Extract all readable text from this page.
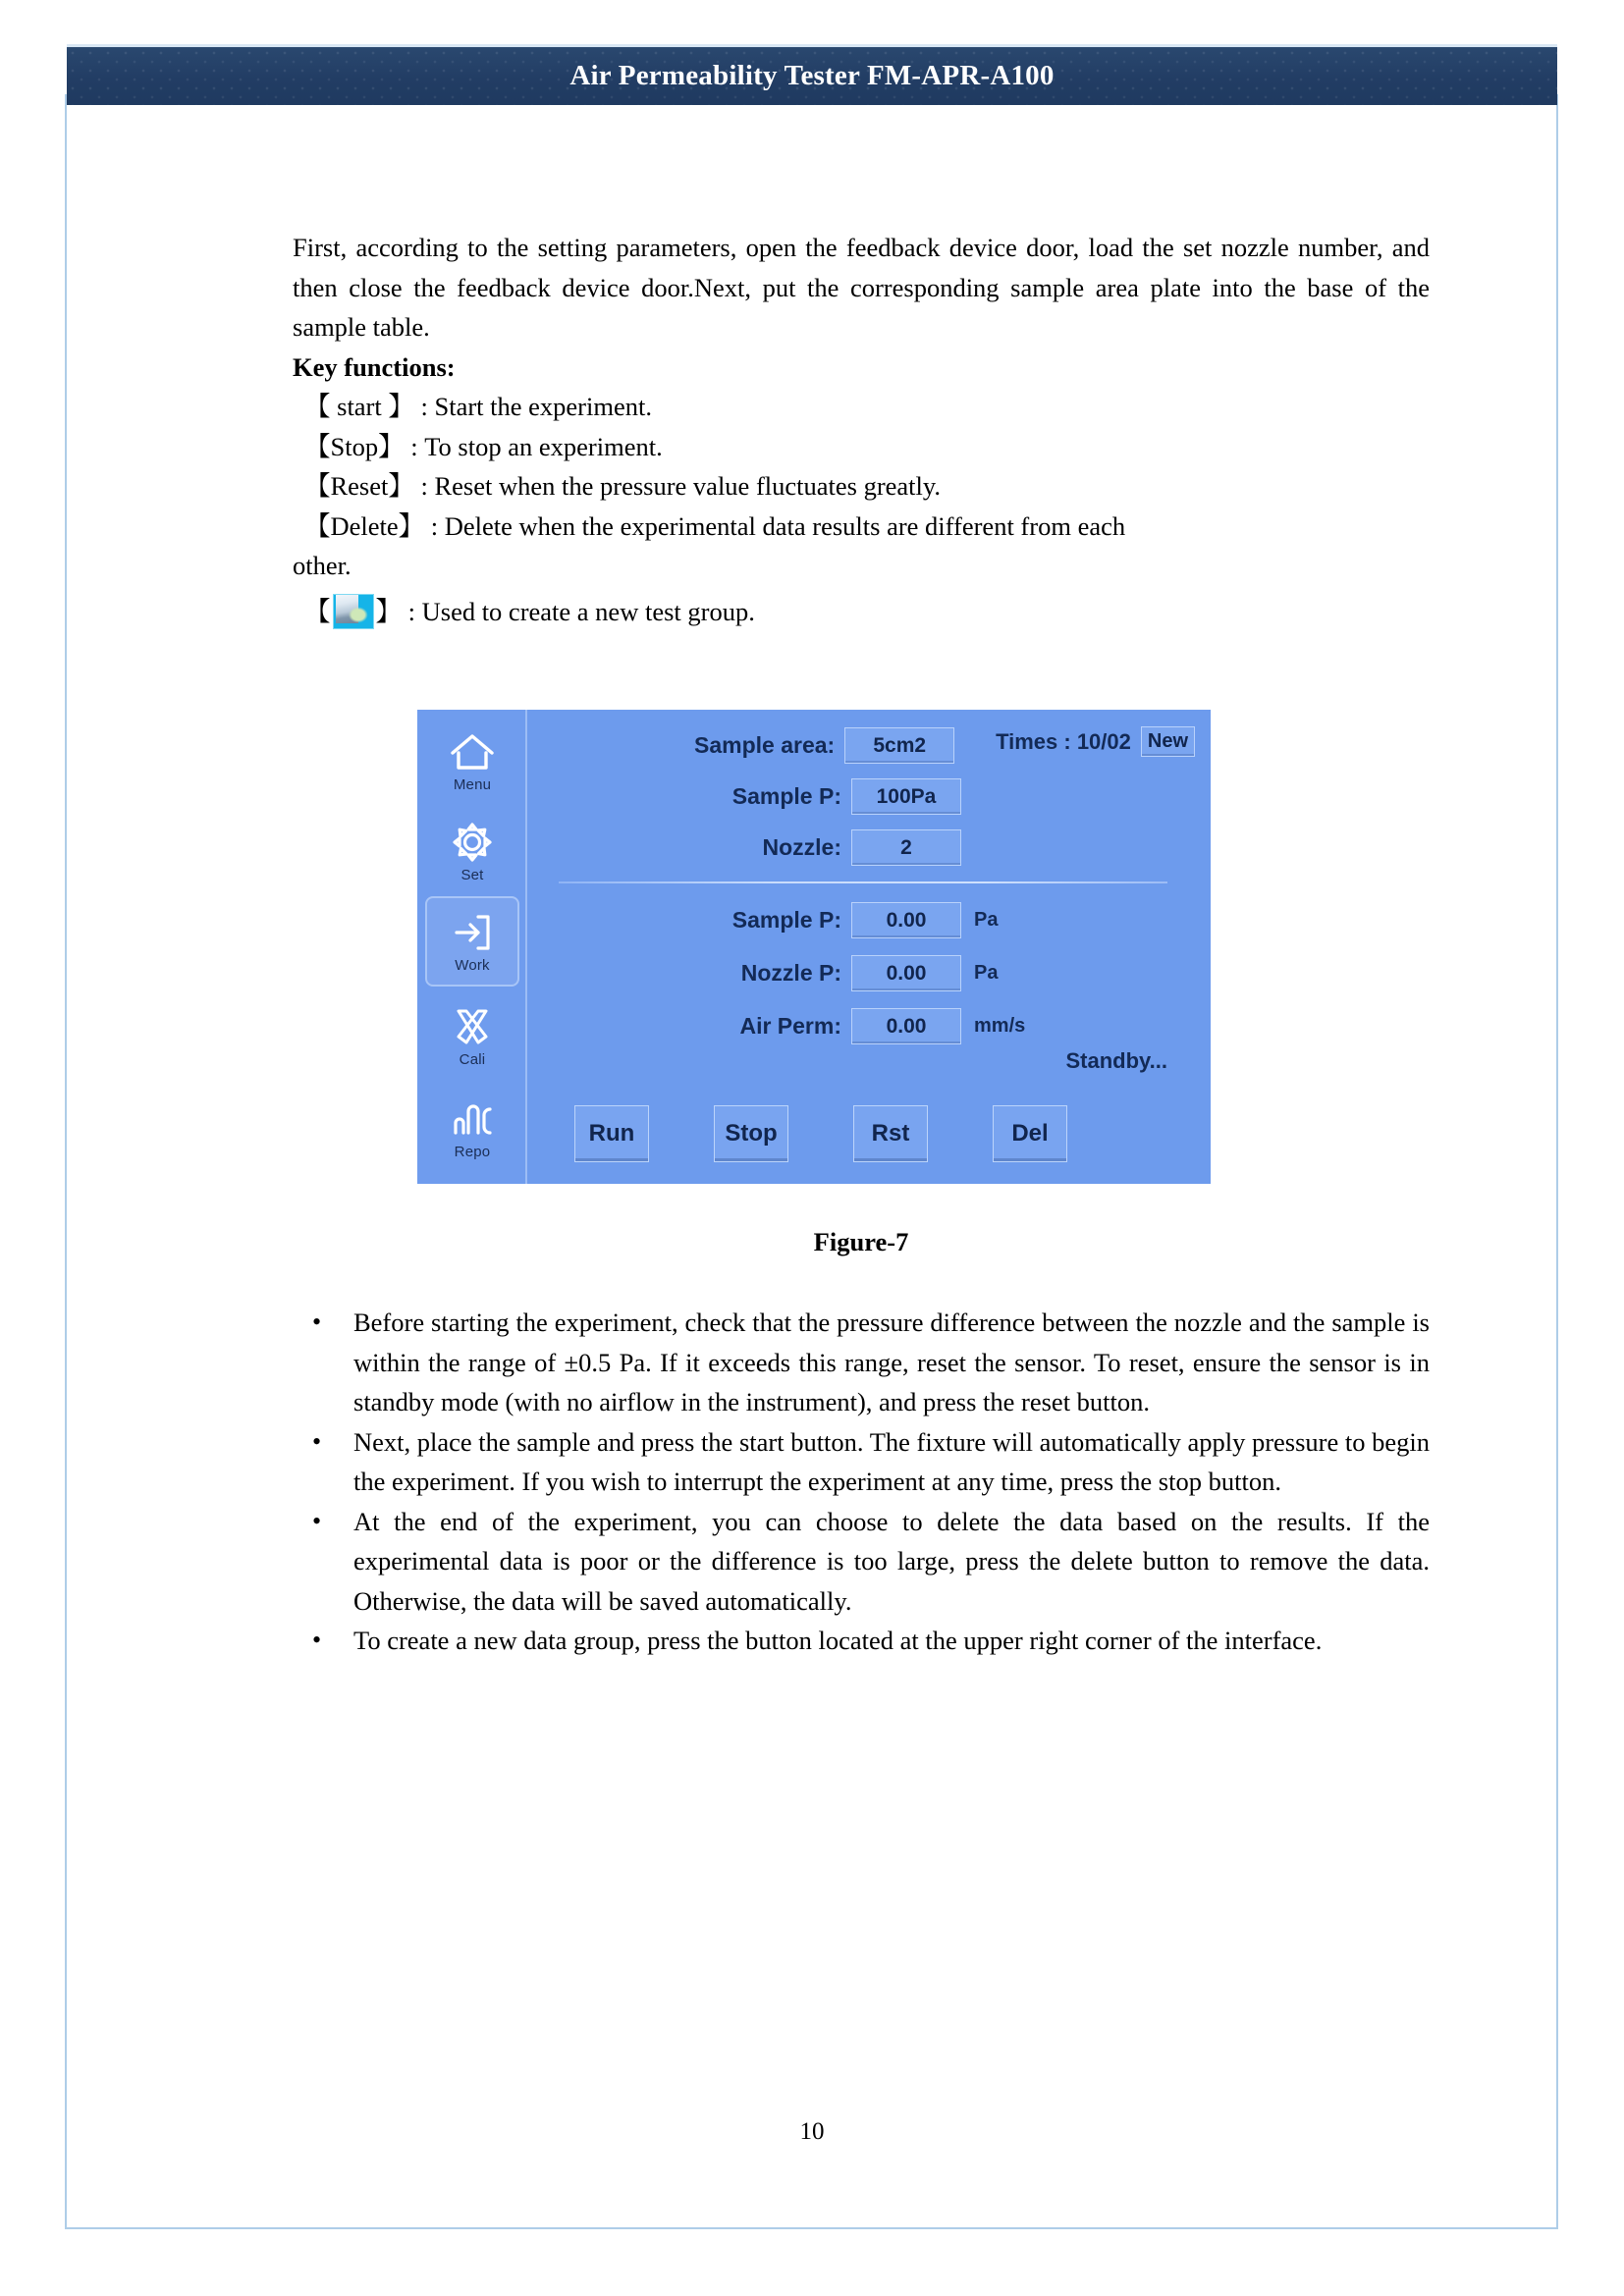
Air Permeability Tester FM-APR-A100

First, according to the setting parameters, open the feedback device door, load the set nozzle number, and then close the feedback device door.Next, put the corresponding sample area plate into the base of the sample table.

Key functions:

【 start 】 : Start the experiment.

【Stop】 : To stop an experiment.

【Reset】 : Reset when the pressure value fluctuates greatly.

【Delete】 : Delete when the experimental data results are different from each

other.

【 】 : Used to create a new test group.

Menu
Set
Work
Cali
Repo
Times : 10/02 New
Sample area:	5cm2
Sample P:	100Pa
Nozzle:	2
Sample P:	0.00	Pa
Nozzle P:	0.00	Pa
Air Perm:	0.00	mm/s
Standby...
Run	Stop	Rst	Del
Figure-7
• Before starting the experiment, check that the pressure difference between the nozzle and the sample is within the range of ±0.5 Pa. If it exceeds this range, reset the sensor. To reset, ensure the sensor is in standby mode (with no airflow in the instrument), and press the reset button.
• Next, place the sample and press the start button. The fixture will automatically apply pressure to begin the experiment. If you wish to interrupt the experiment at any time, press the stop button.
• At the end of the experiment, you can choose to delete the data based on the results. If the experimental data is poor or the difference is too large, press the delete button to remove the data. Otherwise, the data will be saved automatically.
• To create a new data group, press the button located at the upper right corner of the interface.
10
